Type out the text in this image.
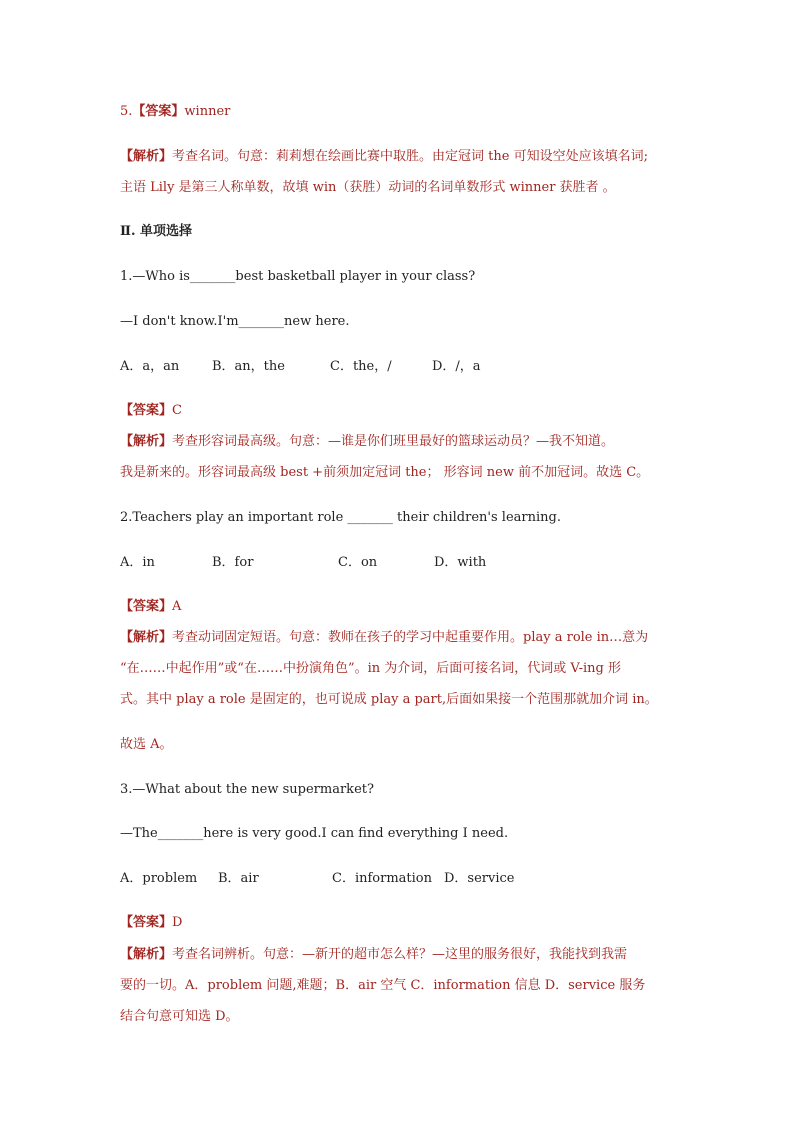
5.【答案】winner
【解析】考查名词。句意：莉莉想在绘画比赛中取胜。由定冠词 the 可知设空处应该填名词;
主语 Lily 是第三人称单数，故填 win（获胜）动词的名词单数形式 winner 获胜者 。
Ⅱ. 单项选择
1.—Who is_______best basketball player in your class?
—I don't know.I'm_______new here.
A．a，an	B．an，the	C．the，/	D．/，a
【答案】C
【解析】考查形容词最高级。句意：—谁是你们班里最好的篮球运动员？—我不知道。
我是新来的。形容词最高级 best +前须加定冠词 the； 形容词 new 前不加冠词。故选 C。
2.Teachers play an important role _______ their children's learning.
A．in	B．for	C．on	D．with
【答案】A
【解析】考查动词固定短语。句意：教师在孩子的学习中起重要作用。play a role in…意为
“在……中起作用”或“在……中扮演角色”。in 为介词，后面可接名词，代词或 V-ing 形
式。其中 play a role 是固定的，也可说成 play a part,后面如果接一个范围那就加介词 in。
故选 A。
3.—What about the new supermarket?
—The_______here is very good.I can find everything I need.
A．problem B．air	C．information D．service
【答案】D
【解析】考查名词辨析。句意：—新开的超市怎么样？—这里的服务很好，我能找到我需
要的一切。A．problem 问题,难题；B．air 空气 C．information 信息 D．service 服务
结合句意可知选 D。
